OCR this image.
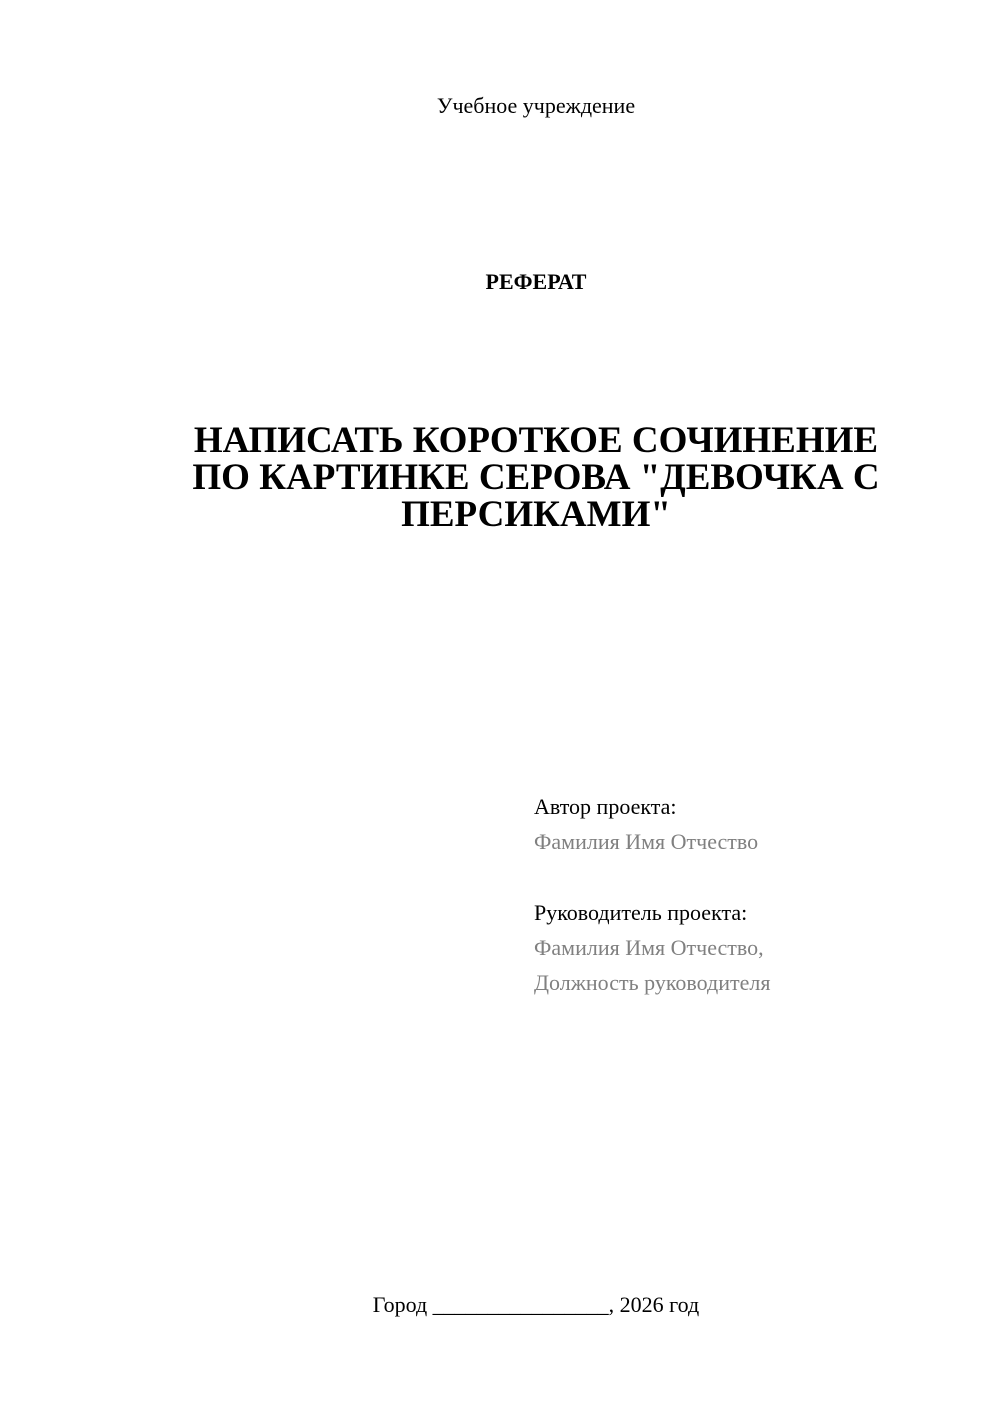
Учебное учреждение
РЕФЕРАТ
НАПИСАТЬ КОРОТКОЕ СОЧИНЕНИЕ
ПО КАРТИНКЕ СЕРОВА "ДЕВОЧКА С
ПЕРСИКАМИ"
Автор проекта:
Фамилия Имя Отчество
Руководитель проекта:
Фамилия Имя Отчество,
Должность руководителя
Город ________________, 2026 год
